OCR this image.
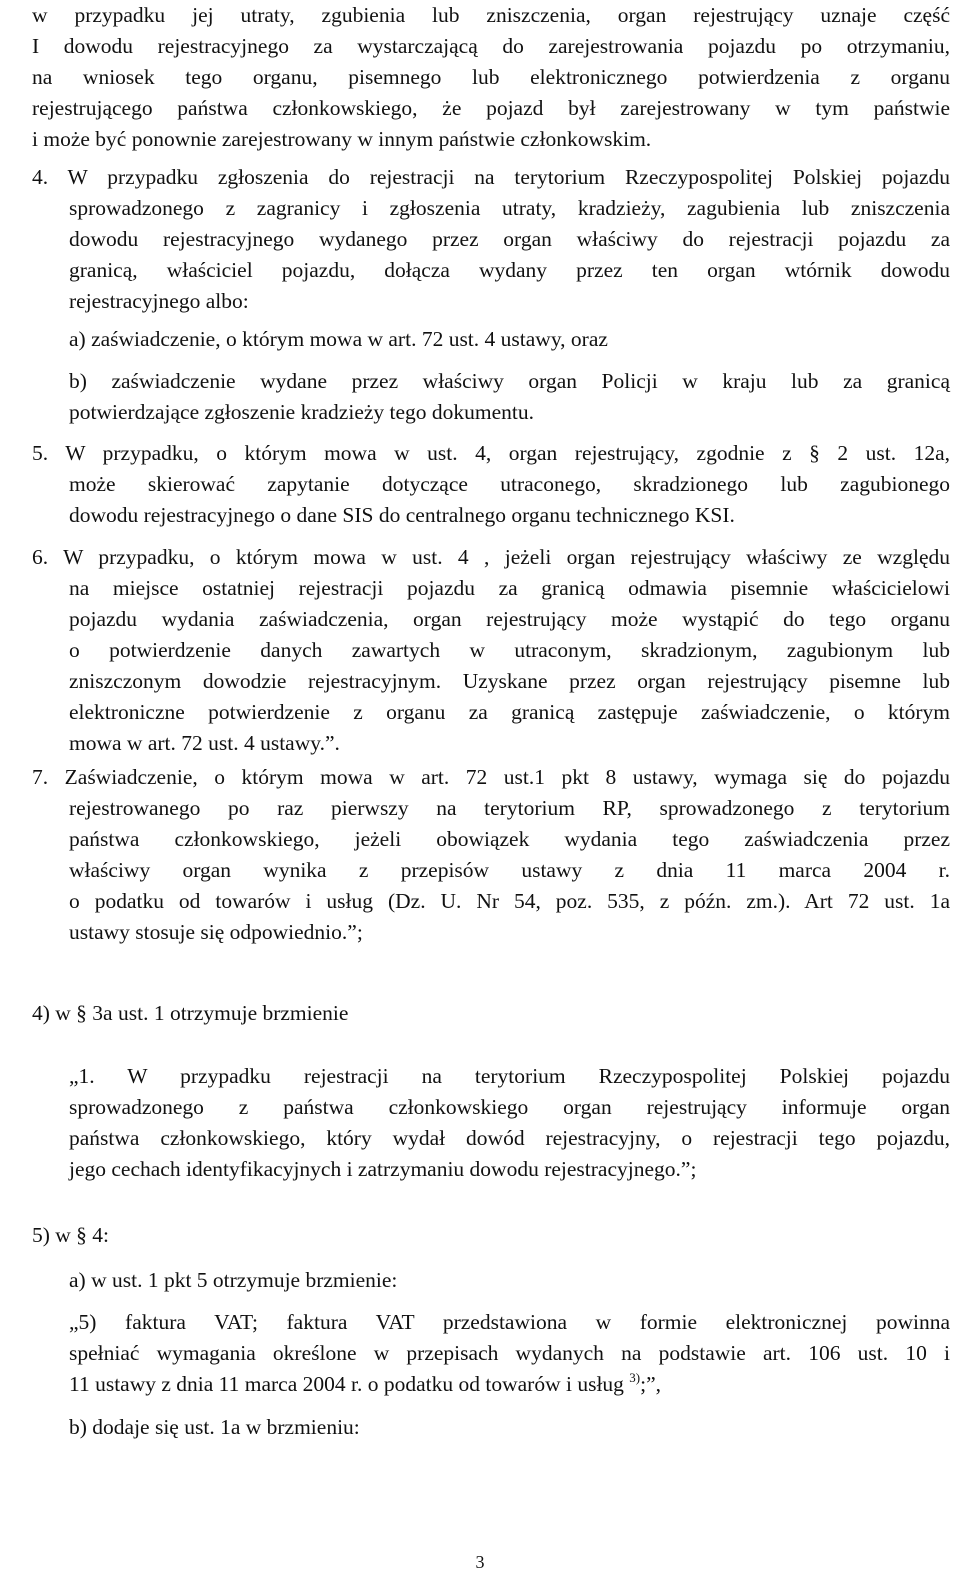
w przypadku jej utraty, zgubienia lub zniszczenia, organ rejestrujący uznaje część
I dowodu rejestracyjnego za wystarczającą do zarejestrowania pojazdu po otrzymaniu,
na wniosek tego organu, pisemnego lub elektronicznego potwierdzenia z organu
rejestrującego państwa członkowskiego, że pojazd był zarejestrowany w tym państwie
i może być ponownie zarejestrowany w innym państwie członkowskim.
4. W przypadku zgłoszenia do rejestracji na terytorium Rzeczypospolitej Polskiej pojazdu
sprowadzonego z zagranicy i zgłoszenia utraty, kradzieży, zagubienia lub zniszczenia
dowodu rejestracyjnego wydanego przez organ właściwy do rejestracji pojazdu za
granicą, właściciel pojazdu, dołącza wydany przez ten organ wtórnik dowodu
rejestracyjnego albo:
a) zaświadczenie, o którym mowa w art. 72 ust. 4 ustawy, oraz
b) zaświadczenie wydane przez właściwy organ Policji w kraju lub za granicą
potwierdzające zgłoszenie kradzieży tego dokumentu.
5. W przypadku, o którym mowa w ust. 4, organ rejestrujący, zgodnie z § 2 ust. 12a,
może skierować zapytanie dotyczące utraconego, skradzionego lub zagubionego
dowodu rejestracyjnego o dane SIS do centralnego organu technicznego KSI.
6. W przypadku, o którym mowa w ust. 4 , jeżeli organ rejestrujący właściwy ze względu
na miejsce ostatniej rejestracji pojazdu za granicą odmawia pisemnie właścicielowi
pojazdu wydania zaświadczenia, organ rejestrujący może wystąpić do tego organu
o potwierdzenie danych zawartych w utraconym, skradzionym, zagubionym lub
zniszczonym dowodzie rejestracyjnym. Uzyskane przez organ rejestrujący pisemne lub
elektroniczne potwierdzenie z organu za granicą zastępuje zaświadczenie, o którym
mowa w art. 72 ust. 4 ustawy.”.
7. Zaświadczenie, o którym mowa w art. 72 ust.1 pkt 8 ustawy, wymaga się do pojazdu
rejestrowanego po raz pierwszy na terytorium RP, sprowadzonego z terytorium
państwa członkowskiego, jeżeli obowiązek wydania tego zaświadczenia przez
właściwy organ wynika z przepisów ustawy z dnia 11 marca 2004 r.
o podatku od towarów i usług (Dz. U. Nr 54, poz. 535, z późn. zm.). Art 72 ust. 1a
ustawy stosuje się odpowiednio.”;
4) w § 3a ust. 1 otrzymuje brzmienie
„1. W przypadku rejestracji na terytorium Rzeczypospolitej Polskiej pojazdu
sprowadzonego z państwa członkowskiego organ rejestrujący informuje organ
państwa członkowskiego, który wydał dowód rejestracyjny, o rejestracji tego pojazdu,
jego cechach identyfikacyjnych i zatrzymaniu dowodu rejestracyjnego.”;
5) w § 4:
a) w ust. 1 pkt 5 otrzymuje brzmienie:
„5) faktura VAT; faktura VAT przedstawiona w formie elektronicznej powinna
spełniać wymagania określone w przepisach wydanych na podstawie art. 106 ust. 10 i
11 ustawy z dnia 11 marca 2004 r. o podatku od towarów i usług $^{3)}$;”,
b) dodaje się ust. 1a w brzmieniu:
3
